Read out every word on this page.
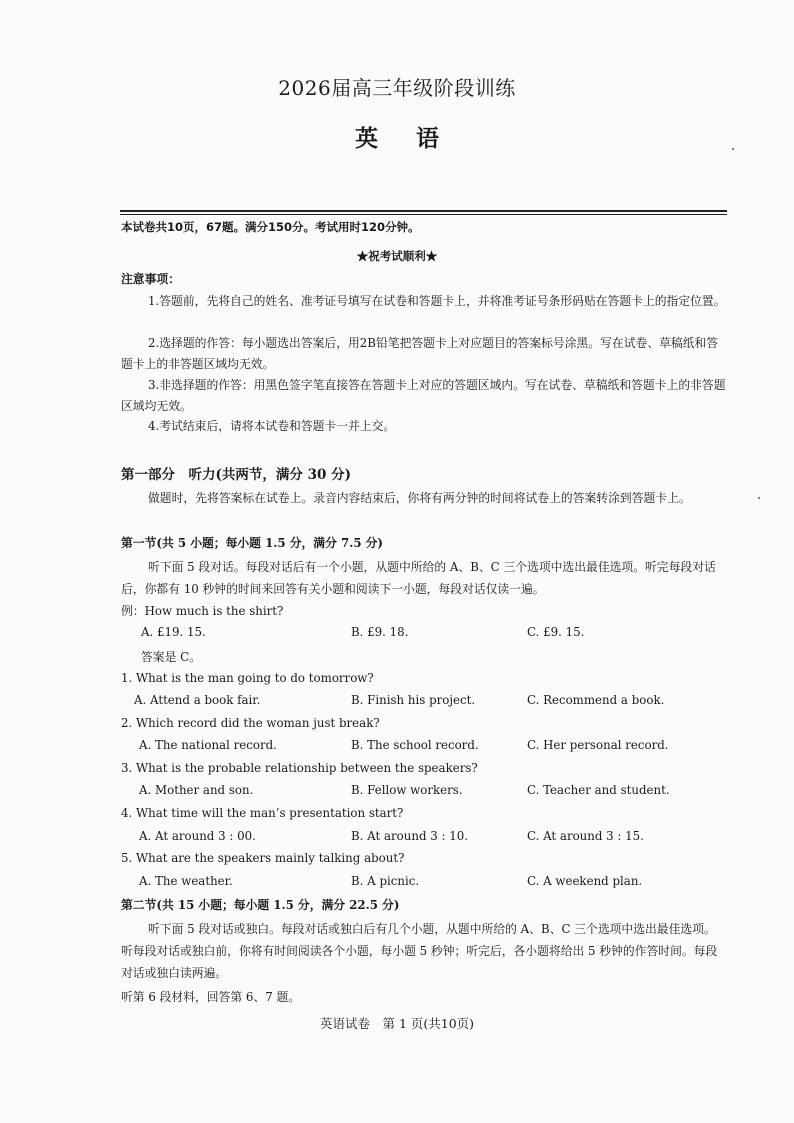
2026届高三年级阶段训练
英语
本试卷共10页，67题。满分150分。考试用时120分钟。
★祝考试顺利★
注意事项：
1.答题前，先将自己的姓名、准考证号填写在试卷和答题卡上，并将准考证号条形码贴在答题卡上的指定位置。
2.选择题的作答：每小题选出答案后，用2B铅笔把答题卡上对应题目的答案标号涂黑。写在试卷、草稿纸和答题卡上的非答题区域均无效。
3.非选择题的作答：用黑色签字笔直接答在答题卡上对应的答题区域内。写在试卷、草稿纸和答题卡上的非答题区域均无效。
4.考试结束后，请将本试卷和答题卡一并上交。
第一部分　听力(共两节，满分 30 分)
做题时，先将答案标在试卷上。录音内容结束后，你将有两分钟的时间将试卷上的答案转涂到答题卡上。
第一节(共 5 小题；每小题 1.5 分，满分 7.5 分)
听下面 5 段对话。每段对话后有一个小题，从题中所给的 A、B、C 三个选项中选出最佳选项。听完每段对话后，你都有 10 秒钟的时间来回答有关小题和阅读下一小题，每段对话仅读一遍。
例：How much is the shirt?
A. £19. 15.	B. £9. 18.	C. £9. 15.
答案是 C。
1. What is the man going to do tomorrow?
A. Attend a book fair.	B. Finish his project.	C. Recommend a book.
2. Which record did the woman just break?
A. The national record.	B. The school record.	C. Her personal record.
3. What is the probable relationship between the speakers?
A. Mother and son.	B. Fellow workers.	C. Teacher and student.
4. What time will the man’s presentation start?
A. At around 3 : 00.	B. At around 3 : 10.	C. At around 3 : 15.
5. What are the speakers mainly talking about?
A. The weather.	B. A picnic.	C. A weekend plan.
第二节(共 15 小题；每小题 1.5 分，满分 22.5 分)
听下面 5 段对话或独白。每段对话或独白后有几个小题，从题中所给的 A、B、C 三个选项中选出最佳选项。听每段对话或独白前，你将有时间阅读各个小题，每小题 5 秒钟；听完后，各小题将给出 5 秒钟的作答时间。每段对话或独白读两遍。
听第 6 段材料，回答第 6、7 题。
英语试卷　第 1 页(共10页)
